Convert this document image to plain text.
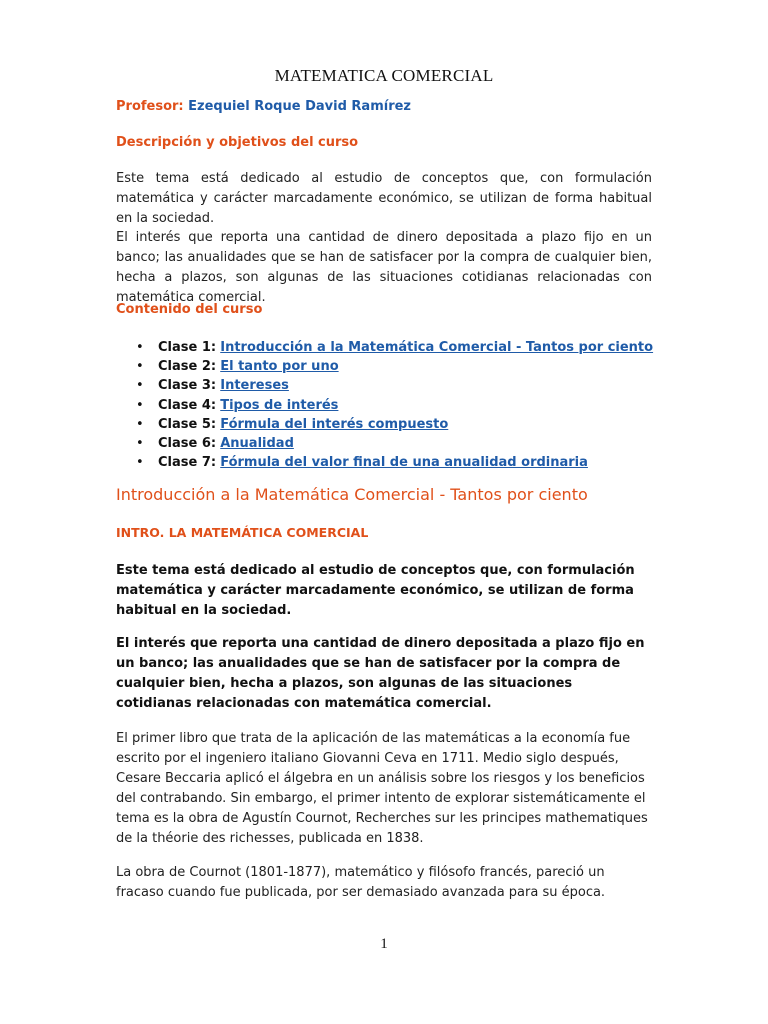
MATEMATICA COMERCIAL
Profesor: Ezequiel Roque David Ramírez
Descripción y objetivos del curso

Este tema está dedicado al estudio de conceptos que, con formulación matemática y carácter marcadamente económico, se utilizan de forma habitual en la sociedad.

El interés que reporta una cantidad de dinero depositada a plazo fijo en un banco; las anualidades que se han de satisfacer por la compra de cualquier bien, hecha a plazos, son algunas de las situaciones cotidianas relacionadas con matemática comercial.

Contenido del curso
• Clase 1: Introducción a la Matemática Comercial - Tantos por ciento
• Clase 2: El tanto por uno
• Clase 3: Intereses
• Clase 4: Tipos de interés
• Clase 5: Fórmula del interés compuesto
• Clase 6: Anualidad
• Clase 7: Fórmula del valor final de una anualidad ordinaria
Introducción a la Matemática Comercial - Tantos por ciento
INTRO. LA MATEMÁTICA COMERCIAL

Este tema está dedicado al estudio de conceptos que, con formulación matemática y carácter marcadamente económico, se utilizan de forma habitual en la sociedad.

El interés que reporta una cantidad de dinero depositada a plazo fijo en un banco; las anualidades que se han de satisfacer por la compra de cualquier bien, hecha a plazos, son algunas de las situaciones cotidianas relacionadas con matemática comercial.

El primer libro que trata de la aplicación de las matemáticas a la economía fue escrito por el ingeniero italiano Giovanni Ceva en 1711. Medio siglo después, Cesare Beccaria aplicó el álgebra en un análisis sobre los riesgos y los beneficios del contrabando. Sin embargo, el primer intento de explorar sistemáticamente el tema es la obra de Agustín Cournot, Recherches sur les principes mathematiques de la théorie des richesses, publicada en 1838.

La obra de Cournot (1801-1877), matemático y filósofo francés, pareció un fracaso cuando fue publicada, por ser demasiado avanzada para su época.

1
